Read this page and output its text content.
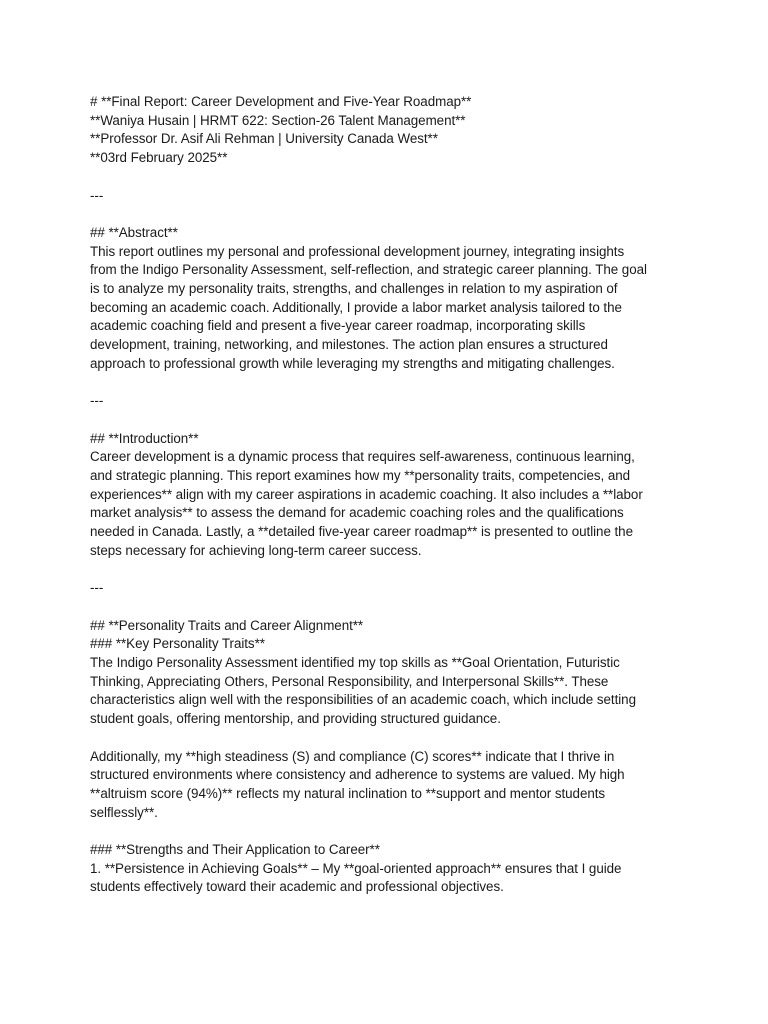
# **Final Report: Career Development and Five-Year Roadmap**

**Waniya Husain | HRMT 622: Section-26 Talent Management**

**Professor Dr. Asif Ali Rehman | University Canada West**

**03rd February 2025**

---

## **Abstract**

This report outlines my personal and professional development journey, integrating insights

from the Indigo Personality Assessment, self-reflection, and strategic career planning. The goal

is to analyze my personality traits, strengths, and challenges in relation to my aspiration of

becoming an academic coach. Additionally, I provide a labor market analysis tailored to the

academic coaching field and present a five-year career roadmap, incorporating skills

development, training, networking, and milestones. The action plan ensures a structured

approach to professional growth while leveraging my strengths and mitigating challenges.

---

## **Introduction**

Career development is a dynamic process that requires self-awareness, continuous learning,

and strategic planning. This report examines how my **personality traits, competencies, and

experiences** align with my career aspirations in academic coaching. It also includes a **labor

market analysis** to assess the demand for academic coaching roles and the qualifications

needed in Canada. Lastly, a **detailed five-year career roadmap** is presented to outline the

steps necessary for achieving long-term career success.

---

## **Personality Traits and Career Alignment**

### **Key Personality Traits**

The Indigo Personality Assessment identified my top skills as **Goal Orientation, Futuristic

Thinking, Appreciating Others, Personal Responsibility, and Interpersonal Skills**. These

characteristics align well with the responsibilities of an academic coach, which include setting

student goals, offering mentorship, and providing structured guidance.

Additionally, my **high steadiness (S) and compliance (C) scores** indicate that I thrive in

structured environments where consistency and adherence to systems are valued. My high

**altruism score (94%)** reflects my natural inclination to **support and mentor students

selflessly**.

### **Strengths and Their Application to Career**

1. **Persistence in Achieving Goals** – My **goal-oriented approach** ensures that I guide

students effectively toward their academic and professional objectives.
